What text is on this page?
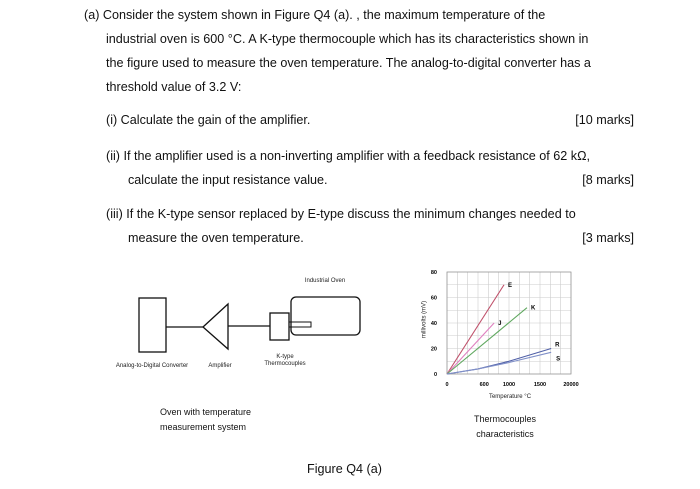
(a) Consider the system shown in Figure Q4 (a). , the maximum temperature of the
industrial oven is 600 °C. A K-type thermocouple which has its characteristics shown in
the figure used to measure the oven temperature. The analog-to-digital converter has a
threshold value of 3.2 V:
(i) Calculate the gain of the amplifier.	[10 marks]
(ii) If the amplifier used is a non-inverting amplifier with a feedback resistance of 62 kΩ,
calculate the input resistance value.	[8 marks]
(iii) If the K-type sensor replaced by E-type discuss the minimum changes needed to
measure the oven temperature.	[3 marks]
Industrial Oven
Analog-to-Digital Converter	Amplifier
K-type Thermocouples
Oven with temperature measurement system
0	600	1000	1500	20000
0
20
40
60
80
E
J
K
R
S
millivolts (mV)
Temperature °C
Thermocouples characteristics
Figure Q4 (a)
